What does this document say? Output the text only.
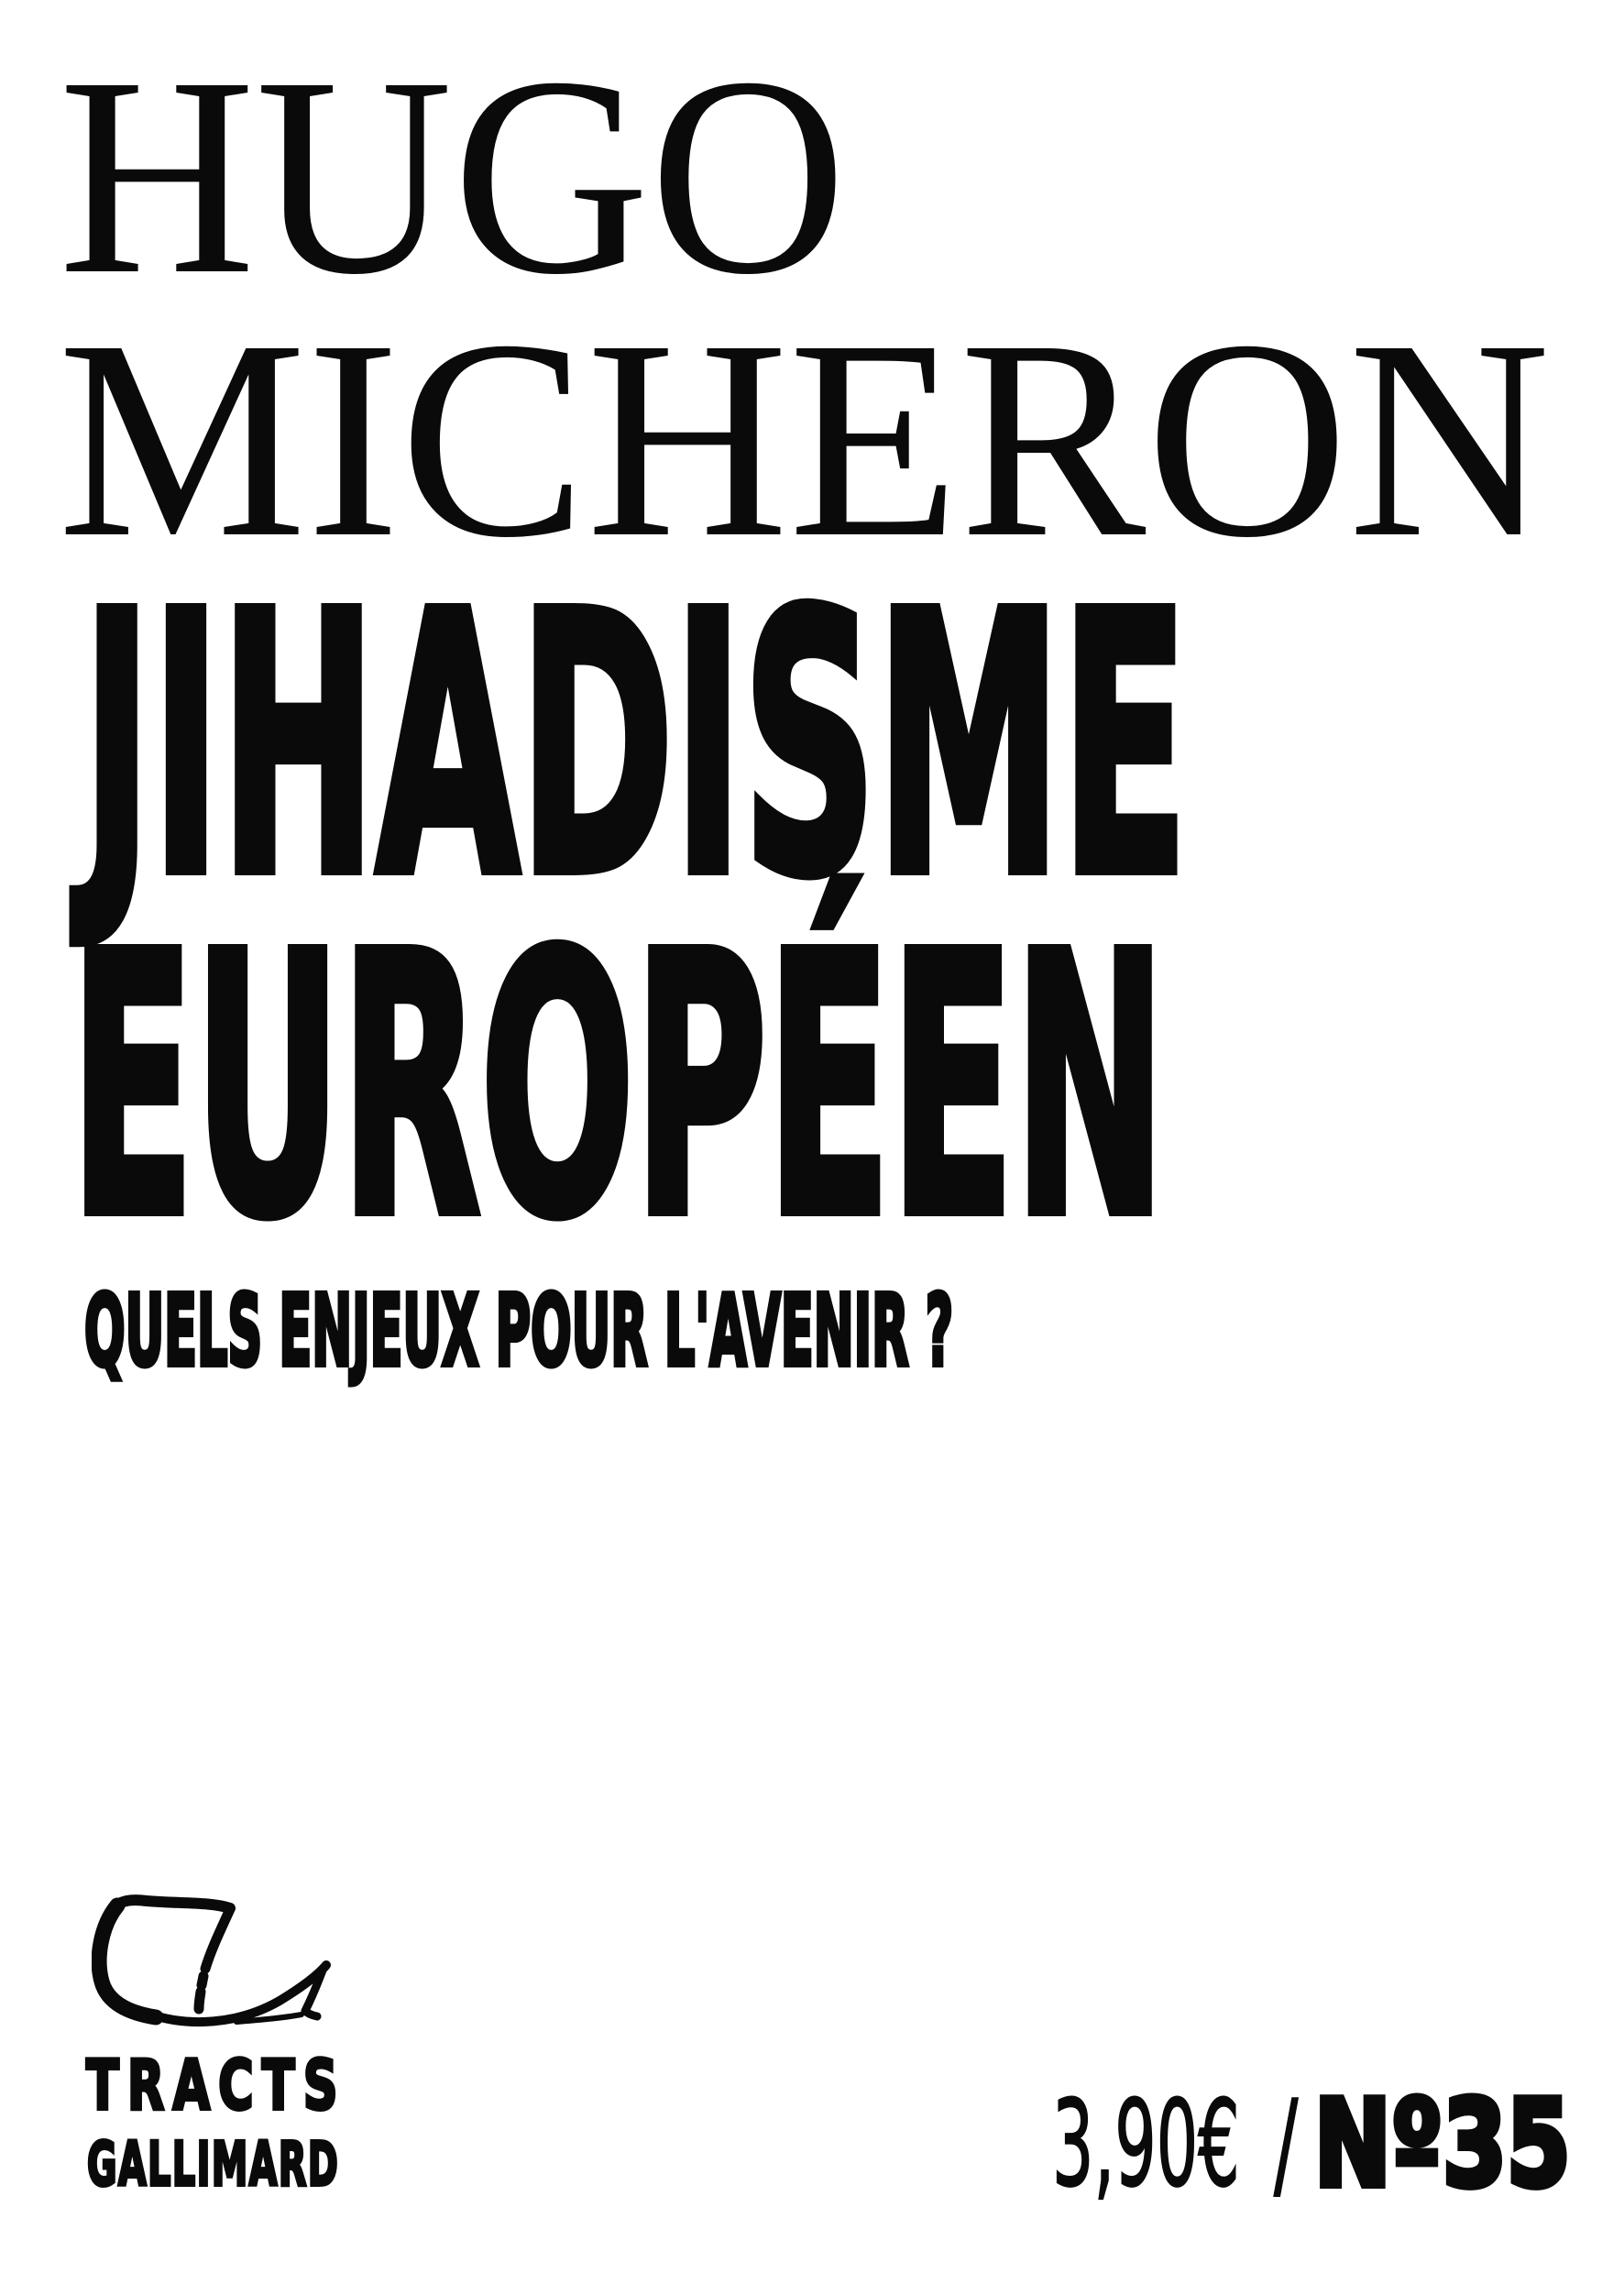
HUGO
MICHERON
JIHADISME
EUROPÉEN
QUELS ENJEUX POUR L'AVENIR ?
TRACTS
GALLIMARD	3,90€ / Nº35
